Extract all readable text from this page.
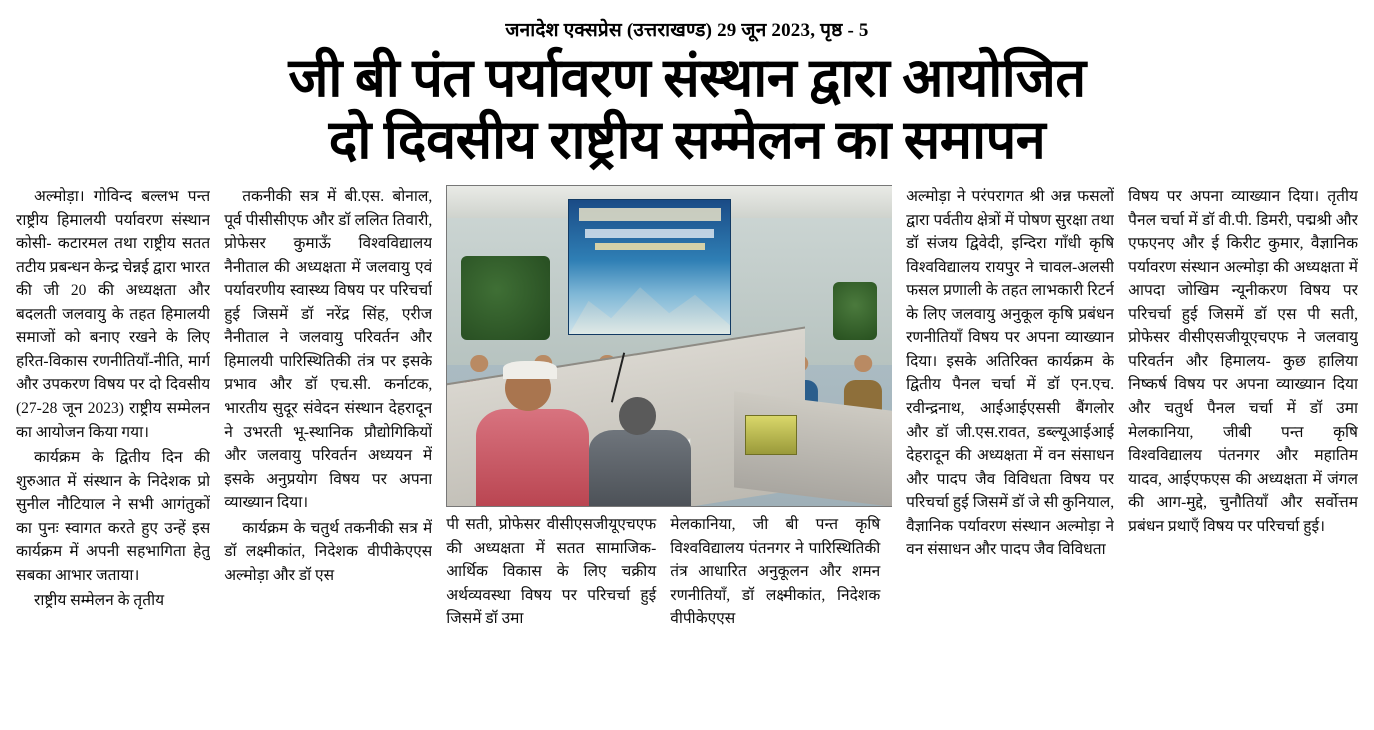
जनादेश एक्सप्रेस (उत्तराखण्ड) 29 जून 2023, पृष्ठ - 5
जी बी पंत पर्यावरण संस्थान द्वारा आयोजित
दो दिवसीय राष्ट्रीय सम्मेलन का समापन

अल्मोड़ा। गोविन्द बल्लभ पन्त राष्ट्रीय हिमालयी पर्यावरण संस्थान कोसी- कटारमल तथा राष्ट्रीय सतत तटीय प्रबन्धन केन्द्र चेन्नई द्वारा भारत की जी 20 की अध्यक्षता और बदलती जलवायु के तहत हिमालयी समाजों को बनाए रखने के लिए हरित-विकास रणनीतियाँ-नीति, मार्ग और उपकरण विषय पर दो दिवसीय (27-28 जून 2023) राष्ट्रीय सम्मेलन का आयोजन किया गया।

कार्यक्रम के द्वितीय दिन की शुरुआत में संस्थान के निदेशक प्रो सुनील नौटियाल ने सभी आगंतुकों का पुनः स्वागत करते हुए उन्हें इस कार्यक्रम में अपनी सहभागिता हेतु सबका आभार जताया।

राष्ट्रीय सम्मेलन के तृतीय

तकनीकी सत्र में बी.एस. बोनाल, पूर्व पीसीसीएफ और डॉ ललित तिवारी, प्रोफेसर कुमाऊँ विश्वविद्यालय नैनीताल की अध्यक्षता में जलवायु एवं पर्यावरणीय स्वास्थ्य विषय पर परिचर्चा हुई जिसमें डॉ नरेंद्र सिंह, एरीज नैनीताल ने जलवायु परिवर्तन और हिमालयी पारिस्थितिकी तंत्र पर इसके प्रभाव और डॉ एच.सी. कर्नाटक, भारतीय सुदूर संवेदन संस्थान देहरादून ने उभरती भू-स्थानिक प्रौद्योगिकियों और जलवायु परिवर्तन अध्ययन में इसके अनुप्रयोग विषय पर अपना व्याख्यान दिया।

कार्यक्रम के चतुर्थ तकनीकी सत्र में डॉ लक्ष्मीकांत, निदेशक वीपीकेएएस अल्मोड़ा और डॉ एस

पी सती, प्रोफेसर वीसीएसजीयूएचएफ की अध्यक्षता में सतत सामाजिक-आर्थिक विकास के लिए चक्रीय अर्थव्यवस्था विषय पर परिचर्चा हुई जिसमें डॉ उमा

मेलकानिया, जी बी पन्त कृषि विश्वविद्यालय पंतनगर ने पारिस्थितिकी तंत्र आधारित अनुकूलन और शमन रणनीतियाँ, डॉ लक्ष्मीकांत, निदेशक वीपीकेएएस

अल्मोड़ा ने परंपरागत श्री अन्न फसलों द्वारा पर्वतीय क्षेत्रों में पोषण सुरक्षा तथा डॉ संजय द्विवेदी, इन्दिरा गाँधी कृषि विश्वविद्यालय रायपुर ने चावल-अलसी फसल प्रणाली के तहत लाभकारी रिटर्न के लिए जलवायु अनुकूल कृषि प्रबंधन रणनीतियाँ विषय पर अपना व्याख्यान दिया। इसके अतिरिक्त कार्यक्रम के द्वितीय पैनल चर्चा में डॉ एन.एच. रवीन्द्रनाथ, आईआईएससी बैंगलोर और डॉ जी.एस.रावत, डब्ल्यूआईआई देहरादून की अध्यक्षता में वन संसाधन और पादप जैव विविधता विषय पर परिचर्चा हुई जिसमें डॉ जे सी कुनियाल, वैज्ञानिक पर्यावरण संस्थान अल्मोड़ा ने वन संसाधन और पादप जैव विविधता

विषय पर अपना व्याख्यान दिया। तृतीय पैनल चर्चा में डॉ वी.पी. डिमरी, पद्मश्री और एफएनए और ई किरीट कुमार, वैज्ञानिक पर्यावरण संस्थान अल्मोड़ा की अध्यक्षता में आपदा जोखिम न्यूनीकरण विषय पर परिचर्चा हुई जिसमें डॉ एस पी सती, प्रोफेसर वीसीएसजीयूएचएफ ने जलवायु परिवर्तन और हिमालय- कुछ हालिया निष्कर्ष विषय पर अपना व्याख्यान दिया और चतुर्थ पैनल चर्चा में डॉ उमा मेलकानिया, जीबी पन्त कृषि विश्वविद्यालय पंतनगर और महातिम यादव, आईएफएस की अध्यक्षता में जंगल की आग-मुद्दे, चुनौतियाँ और सर्वोत्तम प्रबंधन प्रथाएँ विषय पर परिचर्चा हुई।
